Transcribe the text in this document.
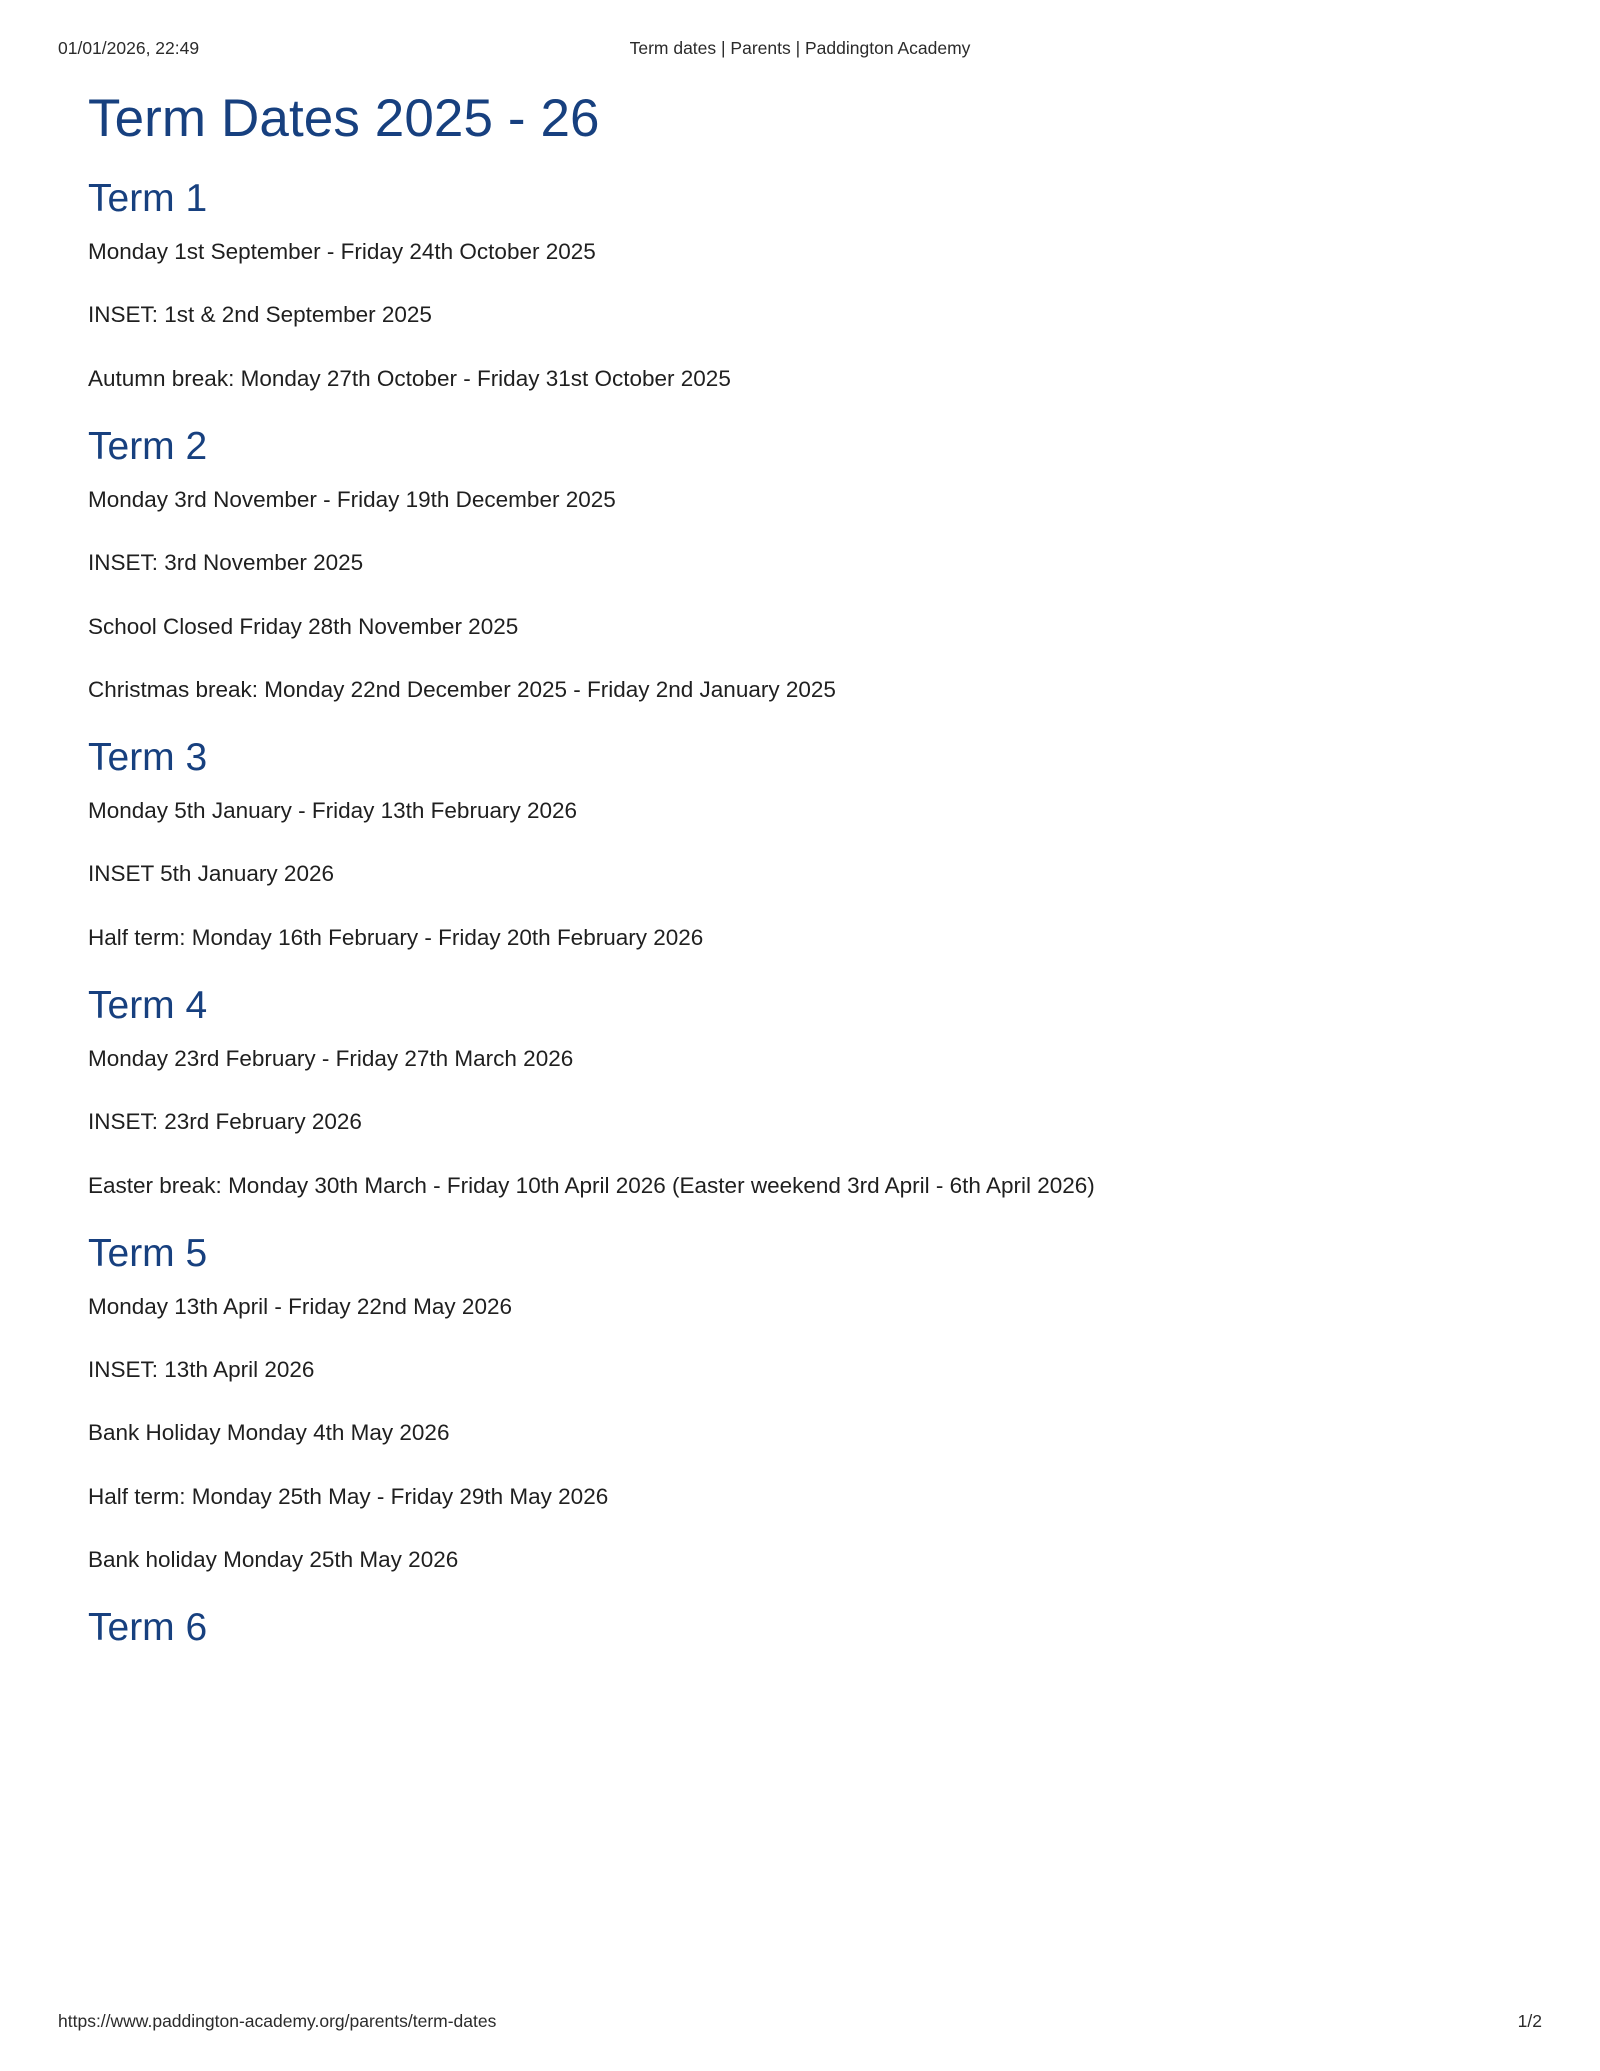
01/01/2026, 22:49	Term dates | Parents | Paddington Academy
Term Dates 2025 - 26
Term 1

Monday 1st September - Friday 24th October 2025

INSET: 1st & 2nd September 2025

Autumn break: Monday 27th October - Friday 31st October 2025

Term 2

Monday 3rd November - Friday 19th December 2025

INSET: 3rd November 2025

School Closed Friday 28th November 2025

Christmas break: Monday 22nd December 2025 - Friday 2nd January 2025

Term 3

Monday 5th January - Friday 13th February 2026

INSET 5th January 2026

Half term: Monday 16th February - Friday 20th February 2026

Term 4

Monday 23rd February - Friday 27th March 2026

INSET: 23rd February 2026

Easter break: Monday 30th March - Friday 10th April 2026 (Easter weekend 3rd April - 6th April 2026)

Term 5

Monday 13th April - Friday 22nd May 2026

INSET: 13th April 2026

Bank Holiday Monday 4th May 2026

Half term: Monday 25th May - Friday 29th May 2026

Bank holiday Monday 25th May 2026

Term 6
https://www.paddington-academy.org/parents/term-dates	1/2
